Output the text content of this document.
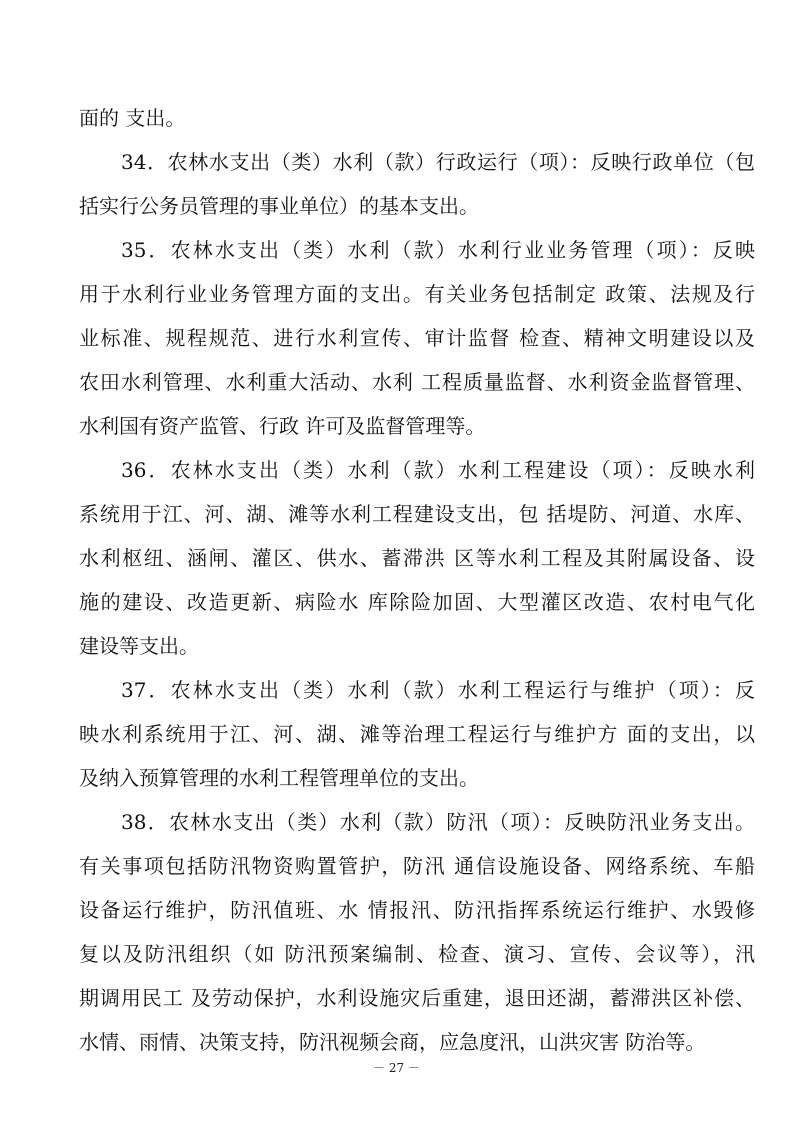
面的 支出。
34．农林水支出（类）水利（款）行政运行（项）：反映行政单位（包
括实行公务员管理的事业单位）的基本支出。
35．农林水支出（类）水利（款）水利行业业务管理（项）：反映
用于水利行业业务管理方面的支出。有关业务包括制定 政策、法规及行
业标准、规程规范、进行水利宣传、审计监督 检查、精神文明建设以及
农田水利管理、水利重大活动、水利 工程质量监督、水利资金监督管理、
水利国有资产监管、行政 许可及监督管理等。
36．农林水支出（类）水利（款）水利工程建设（项）：反映水利
系统用于江、河、湖、滩等水利工程建设支出，包 括堤防、河道、水库、
水利枢纽、涵闸、灌区、供水、蓄滞洪 区等水利工程及其附属设备、设
施的建设、改造更新、病险水 库除险加固、大型灌区改造、农村电气化
建设等支出。
37．农林水支出（类）水利（款）水利工程运行与维护（项）：反
映水利系统用于江、河、湖、滩等治理工程运行与维护方 面的支出，以
及纳入预算管理的水利工程管理单位的支出。
38．农林水支出（类）水利（款）防汛（项）：反映防汛业务支出。
有关事项包括防汛物资购置管护，防汛 通信设施设备、网络系统、车船
设备运行维护，防汛值班、水 情报汛、防汛指挥系统运行维护、水毁修
复以及防汛组织（如 防汛预案编制、检查、演习、宣传、会议等），汛
期调用民工 及劳动保护，水利设施灾后重建，退田还湖，蓄滞洪区补偿、
水情、雨情、决策支持，防汛视频会商，应急度汛，山洪灾害 防治等。
－ 27 －
